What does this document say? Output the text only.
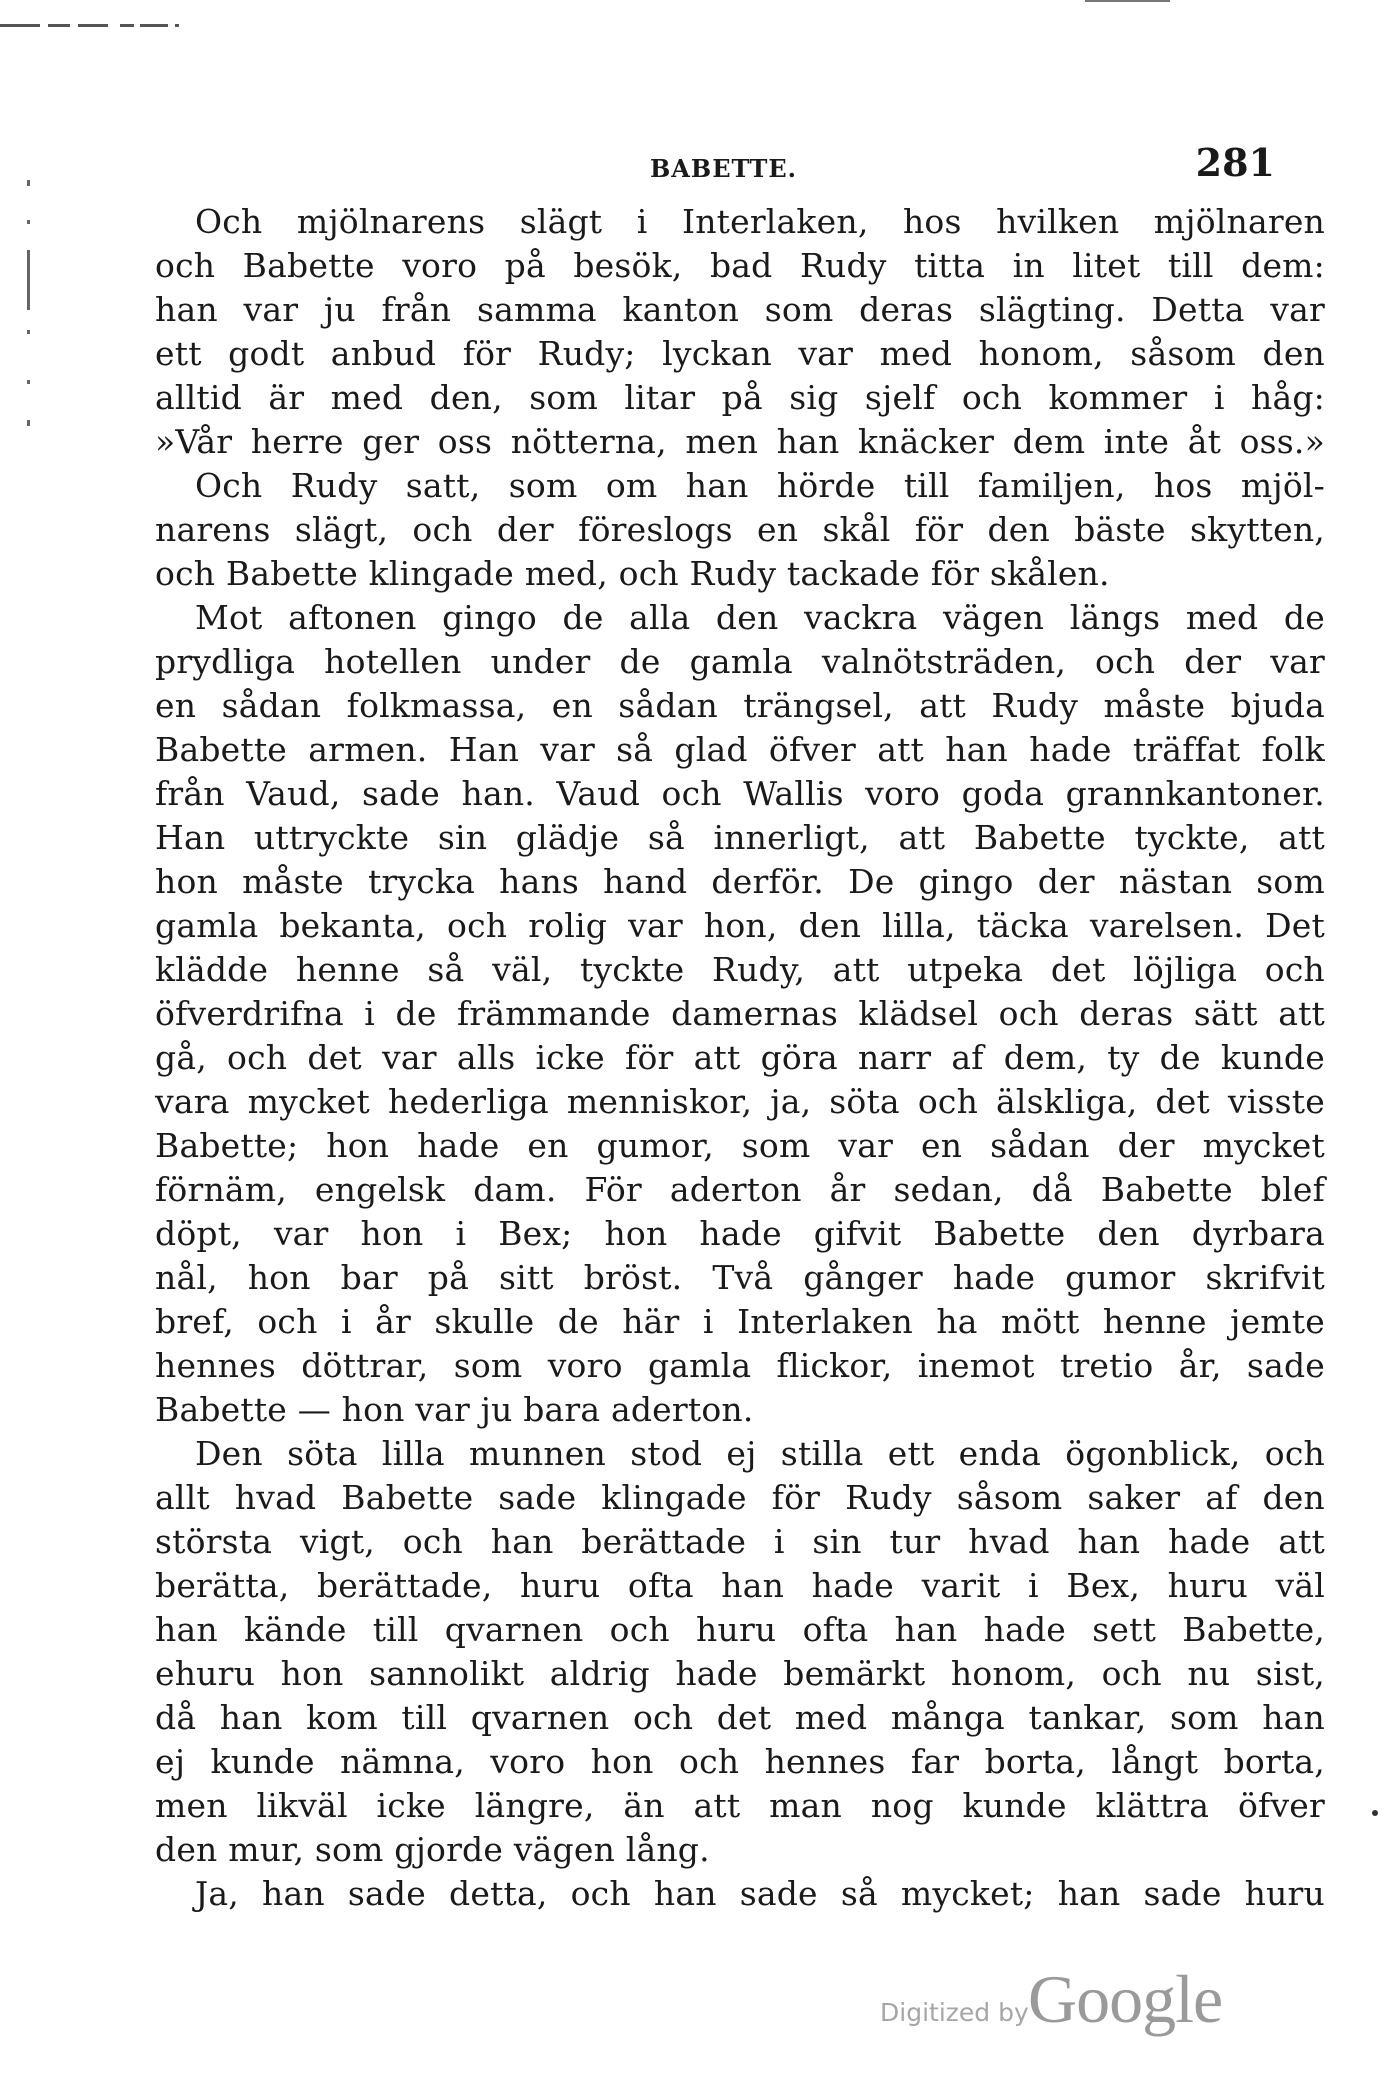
BABETTE.	281
Och mjölnarens slägt i Interlaken, hos hvilken mjölnaren
och Babette voro på besök, bad Rudy titta in litet till dem:
han var ju från samma kanton som deras slägting. Detta var
ett godt anbud för Rudy; lyckan var med honom, såsom den
alltid är med den, som litar på sig sjelf och kommer i håg:
»Vår herre ger oss nötterna, men han knäcker dem inte åt oss.»
Och Rudy satt, som om han hörde till familjen, hos mjöl-
narens slägt, och der föreslogs en skål för den bäste skytten,
och Babette klingade med, och Rudy tackade för skålen.
Mot aftonen gingo de alla den vackra vägen längs med de
prydliga hotellen under de gamla valnötsträden, och der var
en sådan folkmassa, en sådan trängsel, att Rudy måste bjuda
Babette armen. Han var så glad öfver att han hade träffat folk
från Vaud, sade han. Vaud och Wallis voro goda grannkantoner.
Han uttryckte sin glädje så innerligt, att Babette tyckte, att
hon måste trycka hans hand derför. De gingo der nästan som
gamla bekanta, och rolig var hon, den lilla, täcka varelsen. Det
klädde henne så väl, tyckte Rudy, att utpeka det löjliga och
öfverdrifna i de främmande damernas klädsel och deras sätt att
gå, och det var alls icke för att göra narr af dem, ty de kunde
vara mycket hederliga menniskor, ja, söta och älskliga, det visste
Babette; hon hade en gumor, som var en sådan der mycket
förnäm, engelsk dam. För aderton år sedan, då Babette blef
döpt, var hon i Bex; hon hade gifvit Babette den dyrbara
nål, hon bar på sitt bröst. Två gånger hade gumor skrifvit
bref, och i år skulle de här i Interlaken ha mött henne jemte
hennes döttrar, som voro gamla flickor, inemot tretio år, sade
Babette — hon var ju bara aderton.
Den söta lilla munnen stod ej stilla ett enda ögonblick, och
allt hvad Babette sade klingade för Rudy såsom saker af den
största vigt, och han berättade i sin tur hvad han hade att
berätta, berättade, huru ofta han hade varit i Bex, huru väl
han kände till qvarnen och huru ofta han hade sett Babette,
ehuru hon sannolikt aldrig hade bemärkt honom, och nu sist,
då han kom till qvarnen och det med många tankar, som han
ej kunde nämna, voro hon och hennes far borta, långt borta,
men likväl icke längre, än att man nog kunde klättra öfver
den mur, som gjorde vägen lång.
Ja, han sade detta, och han sade så mycket; han sade huru
Digitized by Google
